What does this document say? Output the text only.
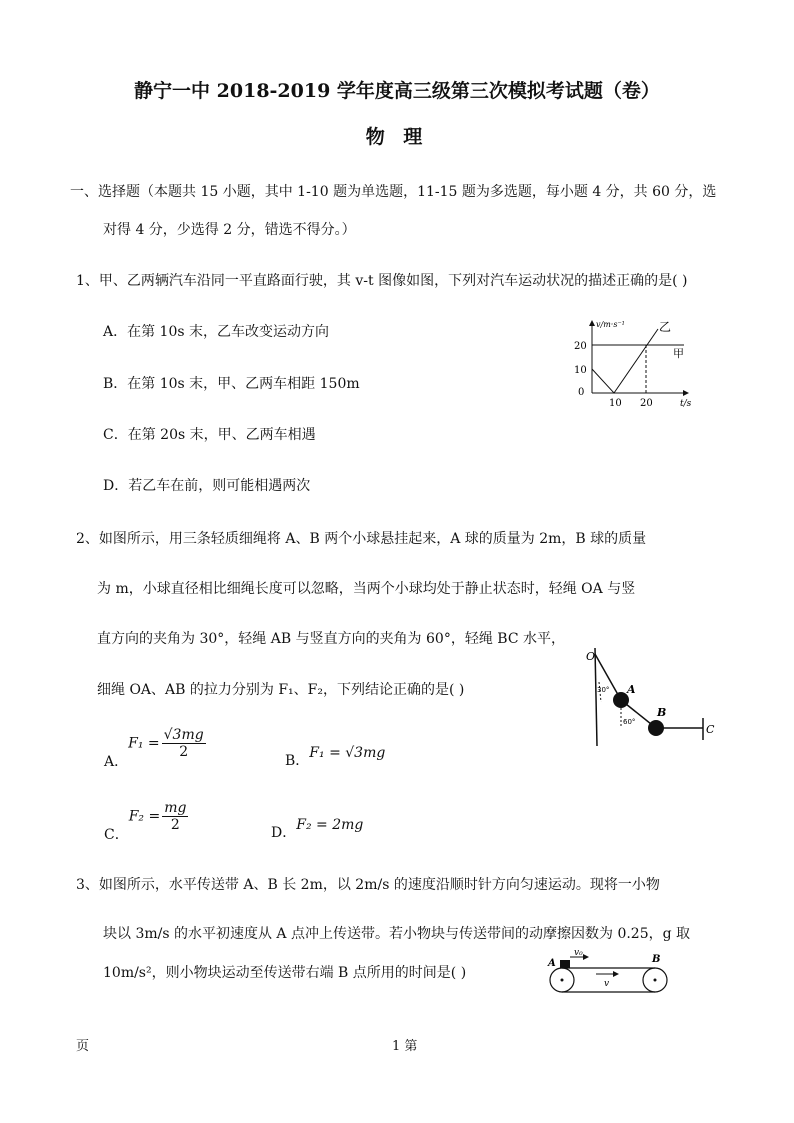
静宁一中 2018-2019 学年度高三级第三次模拟考试题（卷）
物 理
一、选择题（本题共 15 小题，其中 1-10 题为单选题，11-15 题为多选题，每小题 4 分，共 60 分，选
对得 4 分，少选得 2 分，错选不得分。）
1、甲、乙两辆汽车沿同一平直路面行驶，其 v-t 图像如图，下列对汽车运动状况的描述正确的是( )
A．在第 10s 末，乙车改变运动方向
B．在第 10s 末，甲、乙两车相距 150m
C．在第 20s 末，甲、乙两车相遇
D．若乙车在前，则可能相遇两次
v/m·s⁻¹
t/s
20
10
0
10 20
乙
甲
2、如图所示，用三条轻质细绳将 A、B 两个小球悬挂起来，A 球的质量为 2m，B 球的质量
为 m，小球直径相比细绳长度可以忽略，当两个小球均处于静止状态时，轻绳 OA 与竖
直方向的夹角为 30°，轻绳 AB 与竖直方向的夹角为 60°，轻绳 BC 水平，
细绳 OA、AB 的拉力分别为 F₁、F₂，下列结论正确的是( )
A．$F_1 = \frac{√3mg}{2}$
B．F₁ = √3mg
C．$F_2 = \frac{mg}{2}$	D．F₂ = 2mg
O
A
B
C
30°
60°
3、如图所示，水平传送带 A、B 长 2m，以 2m/s 的速度沿顺时针方向匀速运动。现将一小物
块以 3m/s 的水平初速度从 A 点冲上传送带。若小物块与传送带间的动摩擦因数为 0.25，g 取
10m/s²，则小物块运动至传送带右端 B 点所用的时间是( )
A	B
v₀
v
页	1 第
